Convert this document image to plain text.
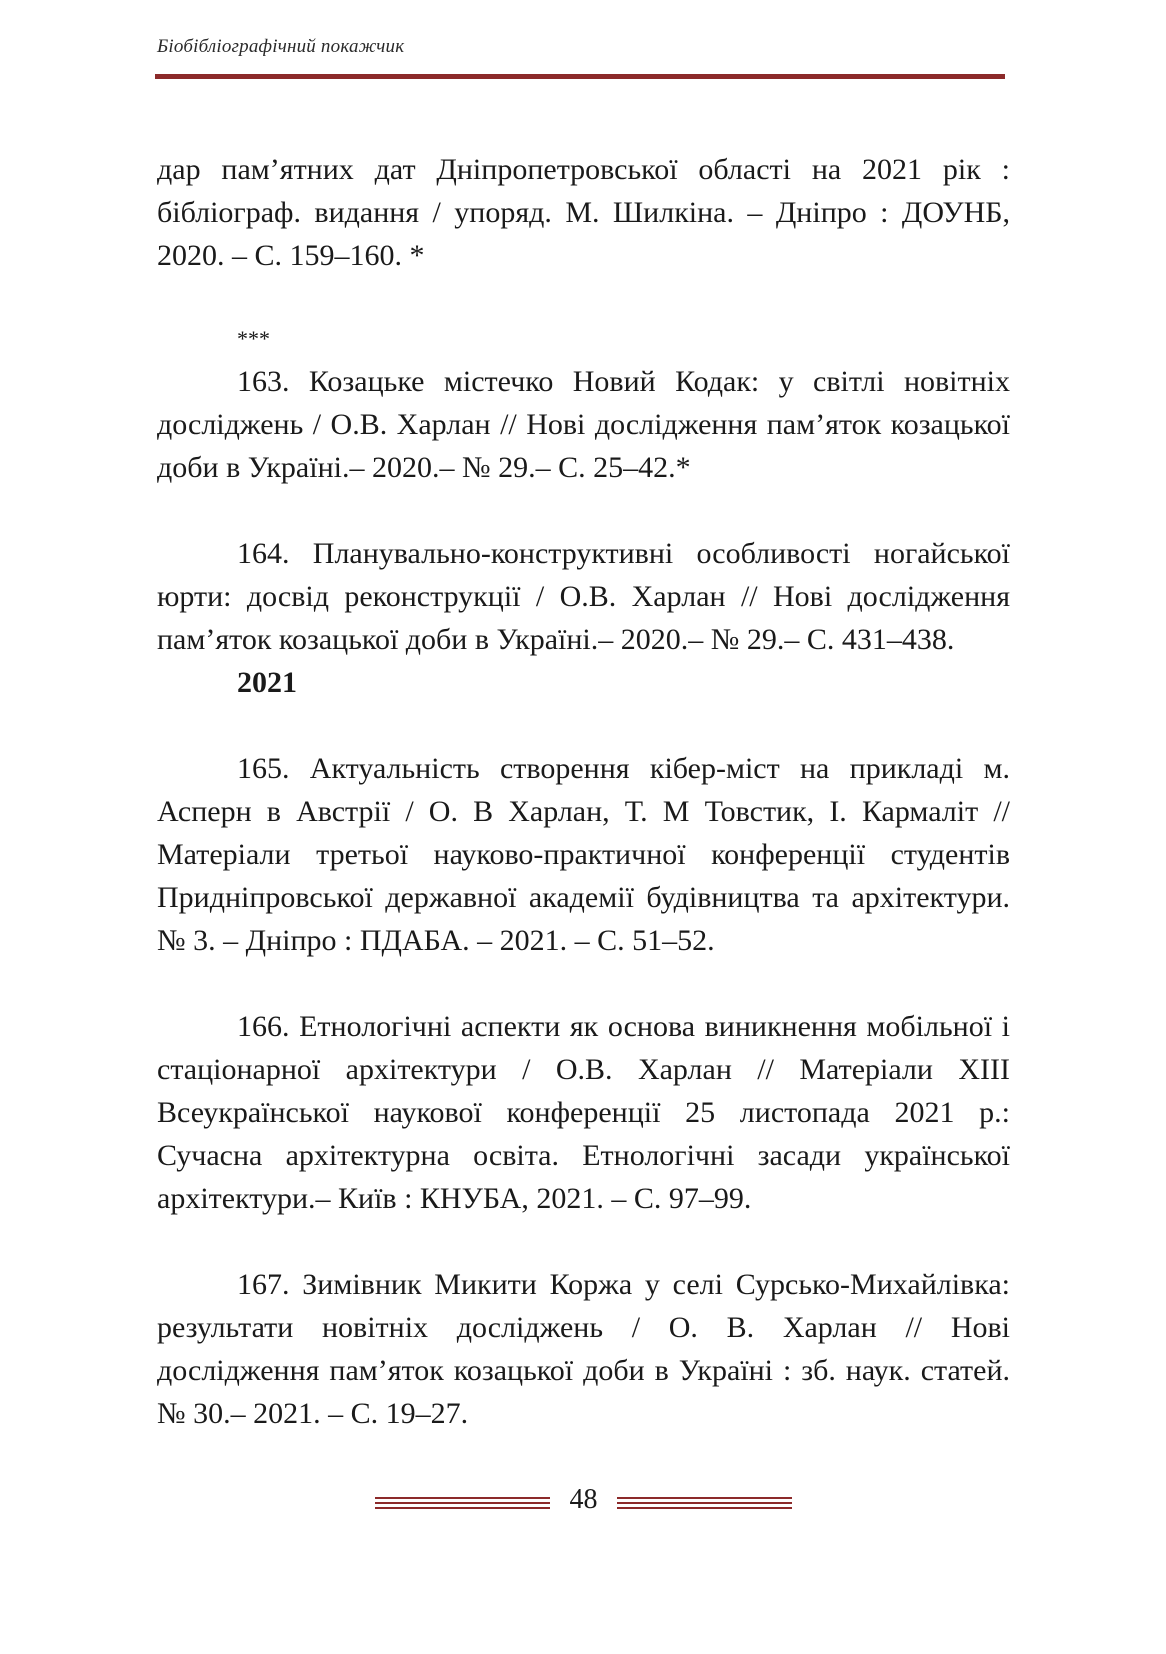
Біобібліографічний покажчик

дар пам’ятних дат Дніпропетровської області на 2021 рік : бібліограф. видання / упоряд. М. Шилкіна. – Дніпро : ДОУНБ, 2020. – С. 159–160. *

***

163. Козацьке містечко Новий Кодак: у світлі новітніх досліджень / О.В. Харлан // Нові дослідження пам’яток козацької доби в Україні.– 2020.– № 29.– С. 25–42.*

164. Планувально-конструктивні особливості ногайської юрти: досвід реконструкції / О.В. Харлан // Нові дослідження пам’яток козацької доби в Україні.– 2020.– № 29.– С. 431–438.

2021

165. Актуальність створення кібер-міст на прикладі м. Асперн в Австрії / О. В Харлан, Т. М Товстик, І. Кармаліт // Матеріали третьої науково-практичної конференції студентів Придніпровської державної академії будівництва та архітектури. № 3. – Дніпро : ПДАБА. – 2021. – С. 51–52.

166. Етнологічні аспекти як основа виникнення мобільної і стаціонарної архітектури / О.В. Харлан // Матеріали ХІІІ Всеукраїнської наукової конференції 25 листопада 2021 р.: Сучасна архітектурна освіта. Етнологічні засади української архітектури.– Київ : КНУБА, 2021. – С. 97–99.

167. Зимівник Микити Коржа у селі Сурсько-Михайлівка: результати новітніх досліджень / О. В. Харлан // Нові дослідження пам’яток козацької доби в Україні : зб. наук. статей. № 30.– 2021. – С. 19–27.

48
